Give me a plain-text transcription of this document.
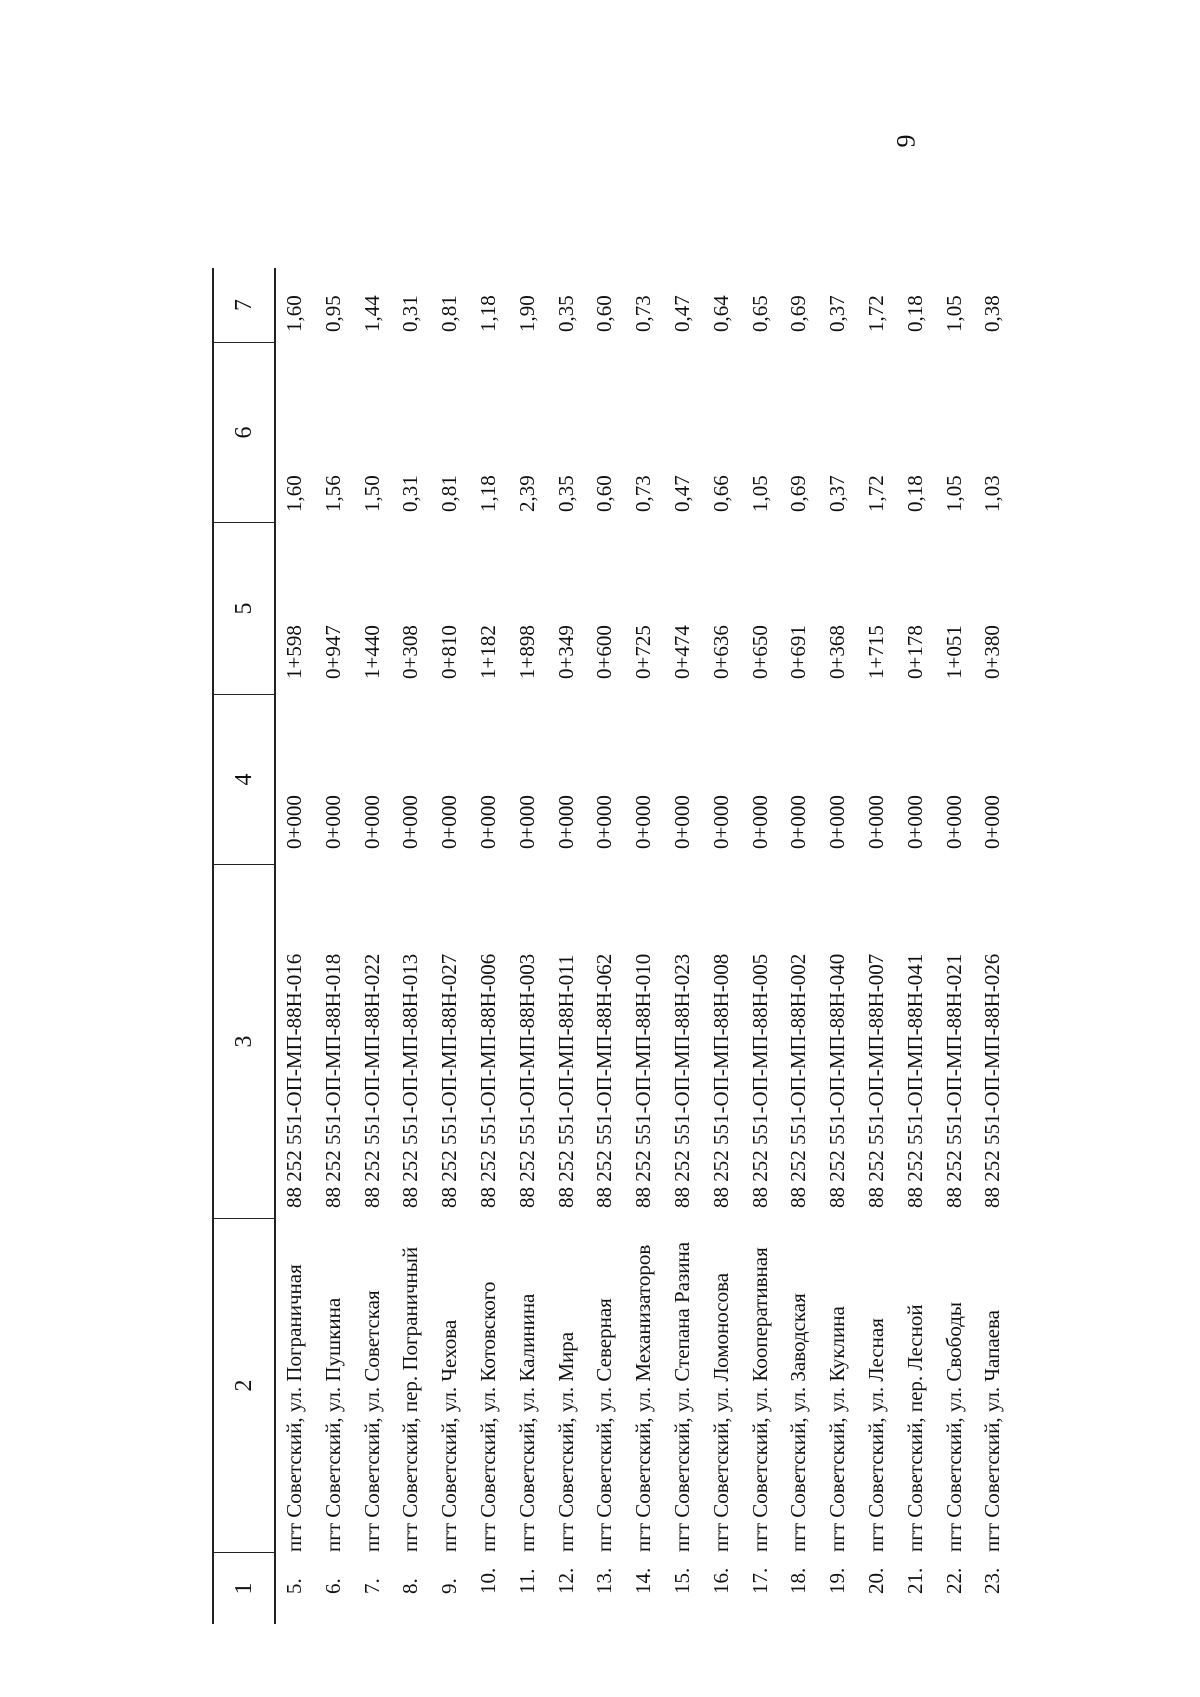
9
1
2
3
4
5
6
7
5.
пгт Советский, ул. Пограничная
88 252 551-ОП-МП-88Н-016
0+000
1+598
1,60
1,60
6.
пгт Советский, ул. Пушкина
88 252 551-ОП-МП-88Н-018
0+000
0+947
1,56
0,95
7.
пгт Советский, ул. Советская
88 252 551-ОП-МП-88Н-022
0+000
1+440
1,50
1,44
8.
пгт Советский, пер. Пограничный
88 252 551-ОП-МП-88Н-013
0+000
0+308
0,31
0,31
9.
пгт Советский, ул. Чехова
88 252 551-ОП-МП-88Н-027
0+000
0+810
0,81
0,81
10.
пгт Советский, ул. Котовского
88 252 551-ОП-МП-88Н-006
0+000
1+182
1,18
1,18
11.
пгт Советский, ул. Калинина
88 252 551-ОП-МП-88Н-003
0+000
1+898
2,39
1,90
12.
пгт Советский, ул. Мира
88 252 551-ОП-МП-88Н-011
0+000
0+349
0,35
0,35
13.
пгт Советский, ул. Северная
88 252 551-ОП-МП-88Н-062
0+000
0+600
0,60
0,60
14.
пгт Советский, ул. Механизаторов
88 252 551-ОП-МП-88Н-010
0+000
0+725
0,73
0,73
15.
пгт Советский, ул. Степана Разина
88 252 551-ОП-МП-88Н-023
0+000
0+474
0,47
0,47
16.
пгт Советский, ул. Ломоносова
88 252 551-ОП-МП-88Н-008
0+000
0+636
0,66
0,64
17.
пгт Советский, ул. Кооперативная
88 252 551-ОП-МП-88Н-005
0+000
0+650
1,05
0,65
18.
пгт Советский, ул. Заводская
88 252 551-ОП-МП-88Н-002
0+000
0+691
0,69
0,69
19.
пгт Советский, ул. Куклина
88 252 551-ОП-МП-88Н-040
0+000
0+368
0,37
0,37
20.
пгт Советский, ул. Лесная
88 252 551-ОП-МП-88Н-007
0+000
1+715
1,72
1,72
21.
пгт Советский, пер. Лесной
88 252 551-ОП-МП-88Н-041
0+000
0+178
0,18
0,18
22.
пгт Советский, ул. Свободы
88 252 551-ОП-МП-88Н-021
0+000
1+051
1,05
1,05
23.
пгт Советский, ул. Чапаева
88 252 551-ОП-МП-88Н-026
0+000
0+380
1,03
0,38
